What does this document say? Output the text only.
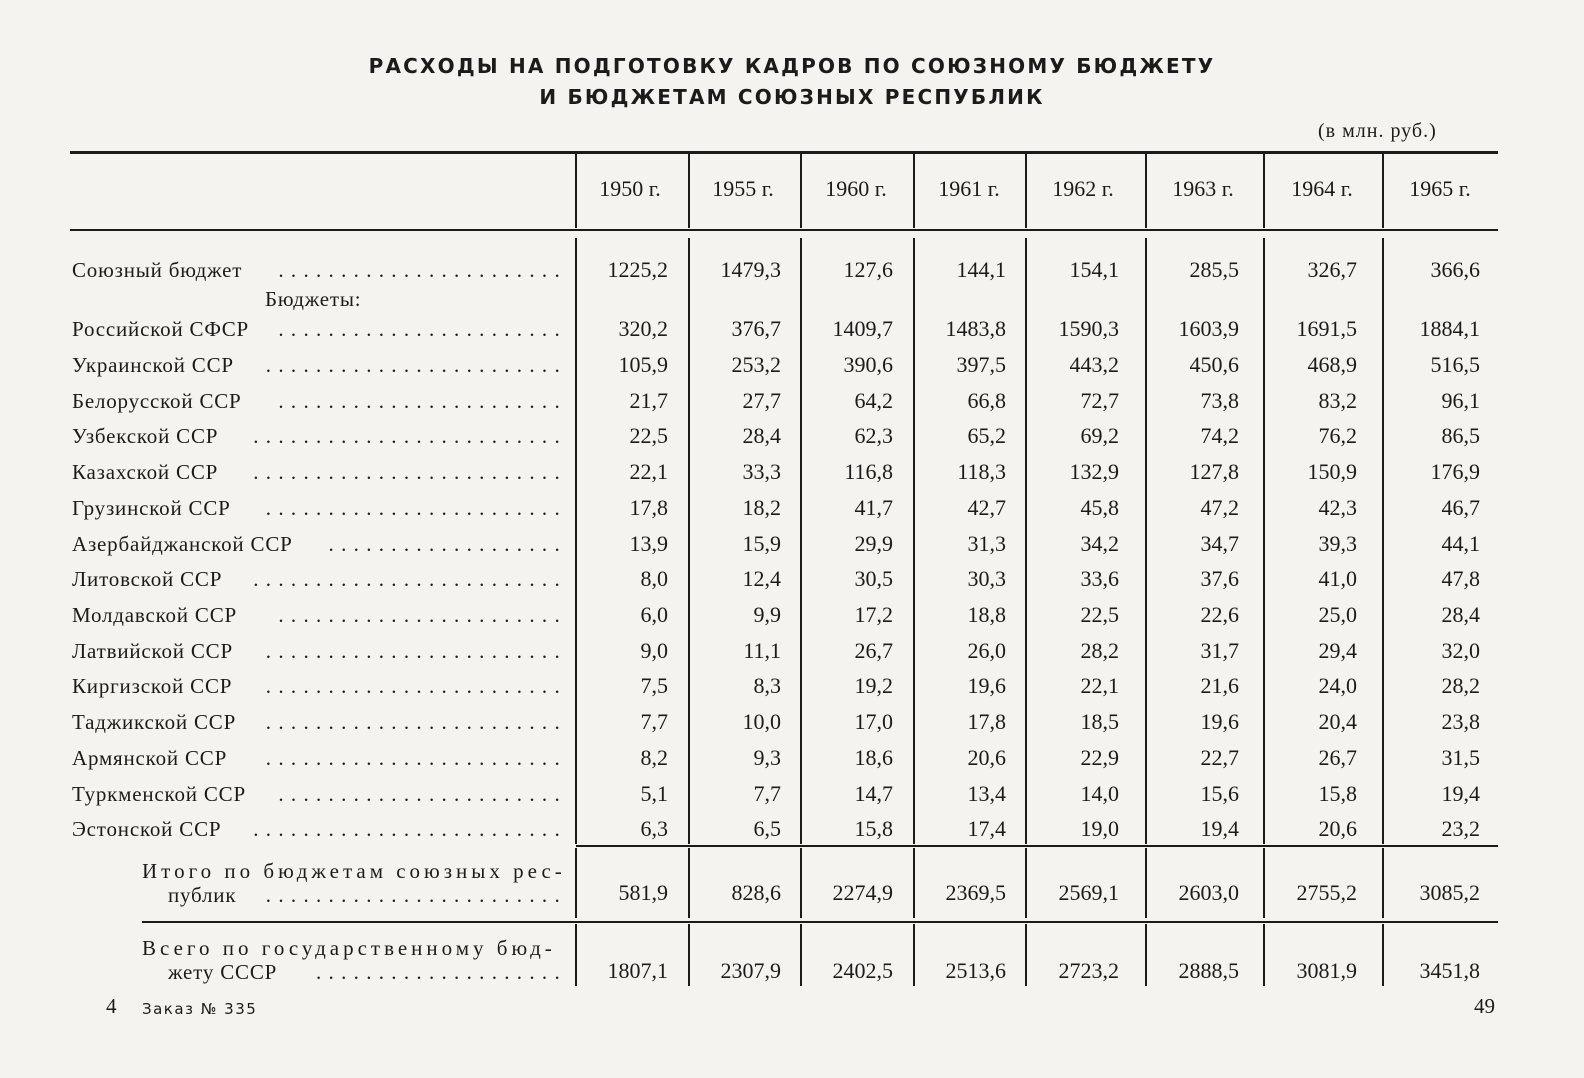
РАСХОДЫ НА ПОДГОТОВКУ КАДРОВ ПО СОЮЗНОМУ БЮДЖЕТУ
И БЮДЖЕТАМ СОЮЗНЫХ РЕСПУБЛИК
(в млн. руб.)
1950 г.	1955 г.	1960 г.	1961 г.	1962 г.	1963 г.	1964 г.	1965 г.
Союзный бюджет .......................	1225,2	1479,3	127,6	144,1	154,1	285,5	326,7	366,6
Российской СФСР .......................	320,2	376,7	1409,7	1483,8	1590,3	1603,9	1691,5	1884,1
Украинской ССР ........................	105,9	253,2	390,6	397,5	443,2	450,6	468,9	516,5
Белорусской ССР .......................	21,7	27,7	64,2	66,8	72,7	73,8	83,2	96,1
Узбекской ССР .........................	22,5	28,4	62,3	65,2	69,2	74,2	76,2	86,5
Казахской ССР .........................	22,1	33,3	116,8	118,3	132,9	127,8	150,9	176,9
Грузинской ССР ........................	17,8	18,2	41,7	42,7	45,8	47,2	42,3	46,7
Азербайджанской ССР ...................	13,9	15,9	29,9	31,3	34,2	34,7	39,3	44,1
Литовской ССР .........................	8,0	12,4	30,5	30,3	33,6	37,6	41,0	47,8
Молдавской ССР .......................	6,0	9,9	17,2	18,8	22,5	22,6	25,0	28,4
Латвийской ССР ........................	9,0	11,1	26,7	26,0	28,2	31,7	29,4	32,0
Киргизской ССР ........................	7,5	8,3	19,2	19,6	22,1	21,6	24,0	28,2
Таджикской ССР ........................	7,7	10,0	17,0	17,8	18,5	19,6	20,4	23,8
Армянской ССР ........................	8,2	9,3	18,6	20,6	22,9	22,7	26,7	31,5
Туркменской ССР .......................	5,1	7,7	14,7	13,4	14,0	15,6	15,8	19,4
Эстонской ССР .........................	6,3	6,5	15,8	17,4	19,0	19,4	20,6	23,2
Итого по бюджетам союзных рес-
публик ........................	581,9	828,6	2274,9	2369,5	2569,1	2603,0	2755,2	3085,2
Всего по государственному бюд-
жету СССР ....................	1807,1	2307,9	2402,5	2513,6	2723,2	2888,5	3081,9	3451,8
Бюджеты:
4 Заказ № 335	49
